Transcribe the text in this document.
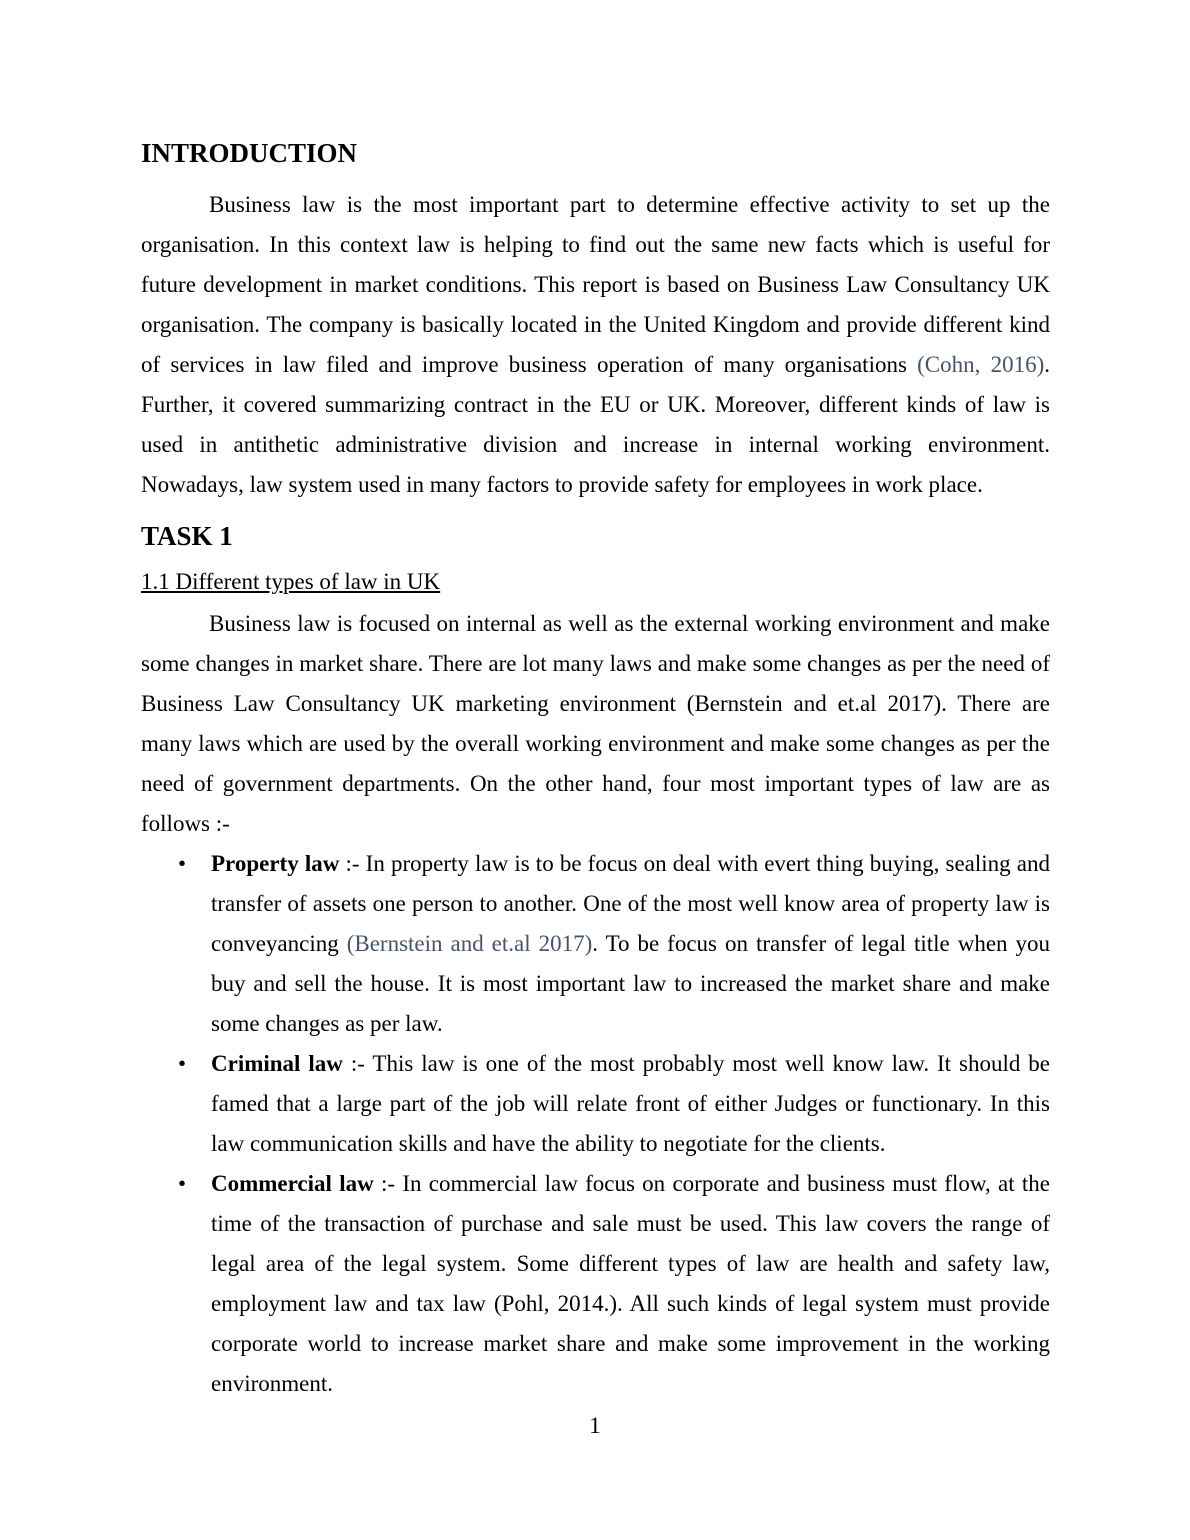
INTRODUCTION

Business law is the most important part to determine effective activity to set up the organisation. In this context law is helping to find out the same new facts which is useful for future development in market conditions. This report is based on Business Law Consultancy UK organisation. The company is basically located in the United Kingdom and provide different kind of services in law filed and improve business operation of many organisations (Cohn, 2016). Further, it covered summarizing contract in the EU or UK. Moreover, different kinds of law is used in antithetic administrative division and increase in internal working environment. Nowadays, law system used in many factors to provide safety for employees in work place.

TASK 1
1.1 Different types of law in UK

Business law is focused on internal as well as the external working environment and make some changes in market share. There are lot many laws and make some changes as per the need of Business Law Consultancy UK marketing environment (Bernstein and et.al 2017). There are many laws which are used by the overall working environment and make some changes as per the need of government departments. On the other hand, four most important types of law are as follows :-

•	Property law :- In property law is to be focus on deal with evert thing buying, sealing and transfer of assets one person to another. One of the most well know area of property law is conveyancing (Bernstein and et.al 2017). To be focus on transfer of legal title when you buy and sell the house. It is most important law to increased the market share and make some changes as per law.
•	Criminal law :- This law is one of the most probably most well know law. It should be famed that a large part of the job will relate front of either Judges or functionary. In this law communication skills and have the ability to negotiate for the clients.
•	Commercial law :- In commercial law focus on corporate and business must flow, at the time of the transaction of purchase and sale must be used. This law covers the range of legal area of the legal system. Some different types of law are health and safety law, employment law and tax law (Pohl, 2014.). All such kinds of legal system must provide corporate world to increase market share and make some improvement in the working environment.
1
